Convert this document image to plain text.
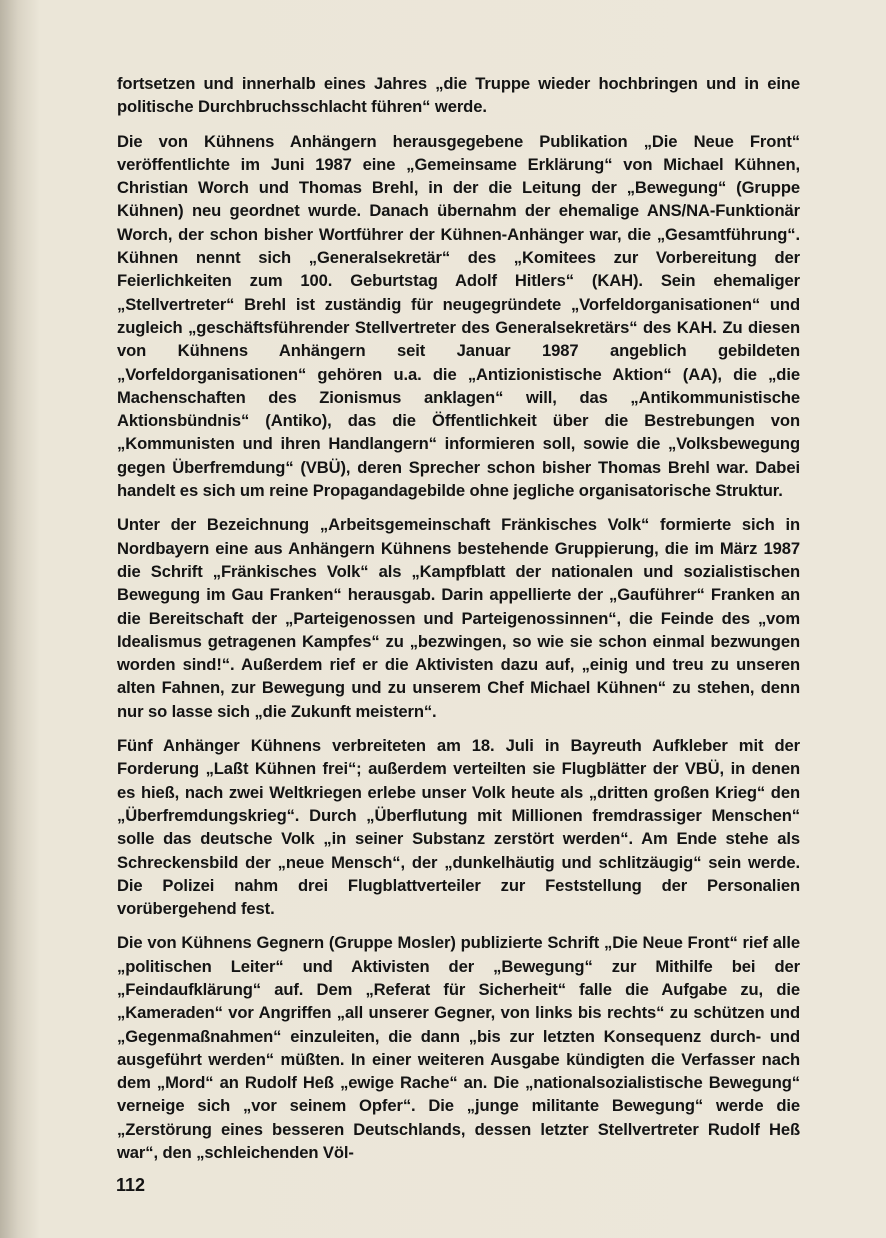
fortsetzen und innerhalb eines Jahres „die Truppe wieder hochbringen und in eine politische Durchbruchsschlacht führen“ werde.

Die von Kühnens Anhängern herausgegebene Publikation „Die Neue Front“ veröffentlichte im Juni 1987 eine „Gemeinsame Erklärung“ von Michael Kühnen, Christian Worch und Thomas Brehl, in der die Leitung der „Bewegung“ (Gruppe Kühnen) neu geordnet wurde. Danach übernahm der ehemalige ANS/NA-Funktionär Worch, der schon bisher Wortführer der Kühnen-Anhänger war, die „Gesamtführung“. Kühnen nennt sich „Generalsekretär“ des „Komitees zur Vorbereitung der Feierlichkeiten zum 100. Geburtstag Adolf Hitlers“ (KAH). Sein ehemaliger „Stellvertreter“ Brehl ist zuständig für neugegründete „Vorfeldorganisationen“ und zugleich „geschäftsführender Stellvertreter des Generalsekretärs“ des KAH. Zu diesen von Kühnens Anhängern seit Januar 1987 angeblich gebildeten „Vorfeldorganisationen“ gehören u.a. die „Antizionistische Aktion“ (AA), die „die Machenschaften des Zionismus anklagen“ will, das „Antikommunistische Aktionsbündnis“ (Antiko), das die Öffentlichkeit über die Bestrebungen von „Kommunisten und ihren Handlangern“ informieren soll, sowie die „Volksbewegung gegen Überfremdung“ (VBÜ), deren Sprecher schon bisher Thomas Brehl war. Dabei handelt es sich um reine Propagandagebilde ohne jegliche organisatorische Struktur.

Unter der Bezeichnung „Arbeitsgemeinschaft Fränkisches Volk“ formierte sich in Nordbayern eine aus Anhängern Kühnens bestehende Gruppierung, die im März 1987 die Schrift „Fränkisches Volk“ als „Kampfblatt der nationalen und sozialistischen Bewegung im Gau Franken“ herausgab. Darin appellierte der „Gauführer“ Franken an die Bereitschaft der „Parteigenossen und Parteigenossinnen“, die Feinde des „vom Idealismus getragenen Kampfes“ zu „bezwingen, so wie sie schon einmal bezwungen worden sind!“. Außerdem rief er die Aktivisten dazu auf, „einig und treu zu unseren alten Fahnen, zur Bewegung und zu unserem Chef Michael Kühnen“ zu stehen, denn nur so lasse sich „die Zukunft meistern“.

Fünf Anhänger Kühnens verbreiteten am 18. Juli in Bayreuth Aufkleber mit der Forderung „Laßt Kühnen frei“; außerdem verteilten sie Flugblätter der VBÜ, in denen es hieß, nach zwei Weltkriegen erlebe unser Volk heute als „dritten großen Krieg“ den „Überfremdungskrieg“. Durch „Überflutung mit Millionen fremdrassiger Menschen“ solle das deutsche Volk „in seiner Substanz zerstört werden“. Am Ende stehe als Schreckensbild der „neue Mensch“, der „dunkelhäutig und schlitzäugig“ sein werde. Die Polizei nahm drei Flugblattverteiler zur Feststellung der Personalien vorübergehend fest.

Die von Kühnens Gegnern (Gruppe Mosler) publizierte Schrift „Die Neue Front“ rief alle „politischen Leiter“ und Aktivisten der „Bewegung“ zur Mithilfe bei der „Feindaufklärung“ auf. Dem „Referat für Sicherheit“ falle die Aufgabe zu, die „Kameraden“ vor Angriffen „all unserer Gegner, von links bis rechts“ zu schützen und „Gegenmaßnahmen“ einzuleiten, die dann „bis zur letzten Konsequenz durch- und ausgeführt werden“ müßten. In einer weiteren Ausgabe kündigten die Verfasser nach dem „Mord“ an Rudolf Heß „ewige Rache“ an. Die „nationalsozialistische Bewegung“ verneige sich „vor seinem Opfer“. Die „junge militante Bewegung“ werde die „Zerstörung eines besseren Deutschlands, dessen letzter Stellvertreter Rudolf Heß war“, den „schleichenden Völ-

112
